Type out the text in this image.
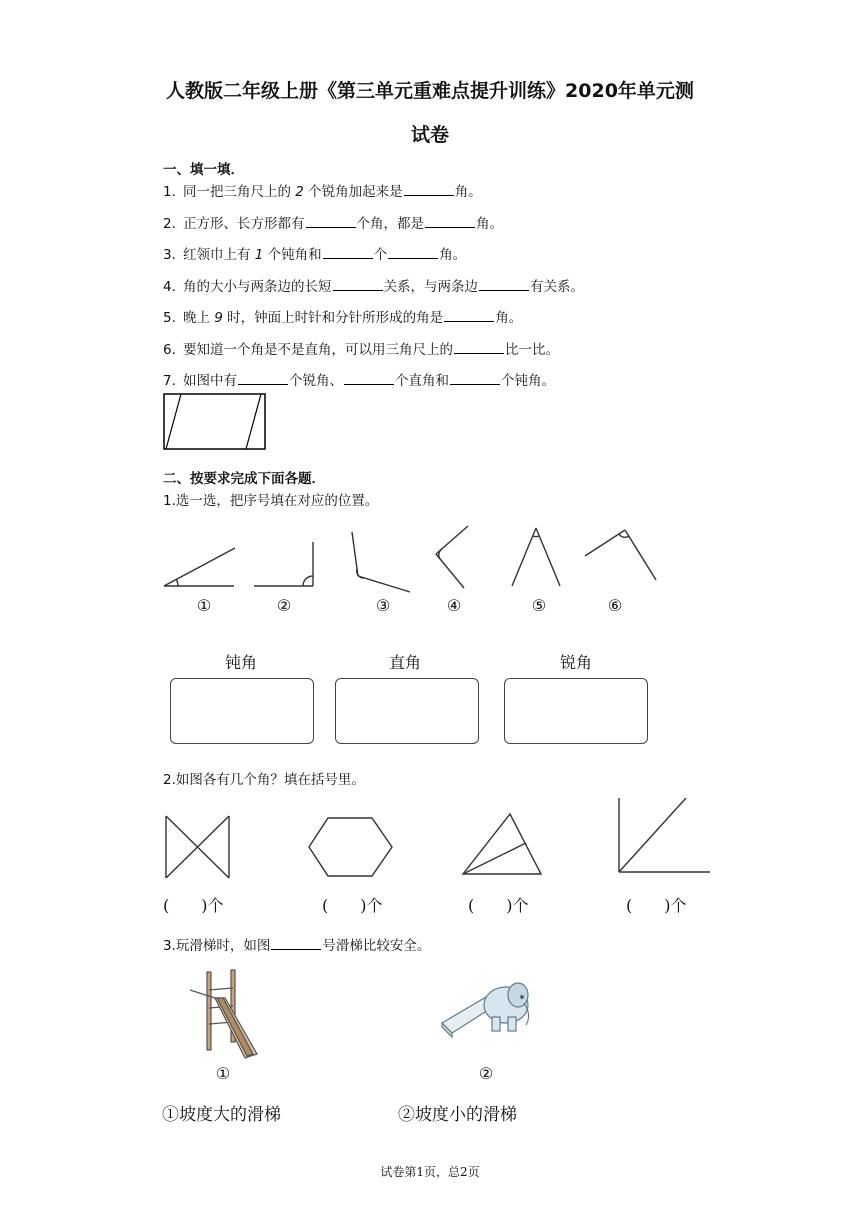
人教版二年级上册《第三单元重难点提升训练》2020年单元测
试卷
一、填一填．
1. 同一把三角尺上的 2 个锐角加起来是	角。
2. 正方形、长方形都有	个角，都是	角。
3. 红领巾上有 1 个钝角和	个	角。
4. 角的大小与两条边的长短	关系，与两条边	有关系。
5. 晚上 9 时，钟面上时针和分针所形成的角是	角。
6. 要知道一个角是不是直角，可以用三角尺上的	比一比。
7. 如图中有	个锐角、	个直角和	个钝角。
二、按要求完成下面各题．
1.选一选，把序号填在对应的位置。
①	②	③	④	⑤	⑥
钝角	直角	锐角
2.如图各有几个角？填在括号里。
(　　)个	(　　)个	(　　)个	(　　)个
3.玩滑梯时，如图	号滑梯比较安全。
①	②
①坡度大的滑梯	②坡度小的滑梯
试卷第1页，总2页
